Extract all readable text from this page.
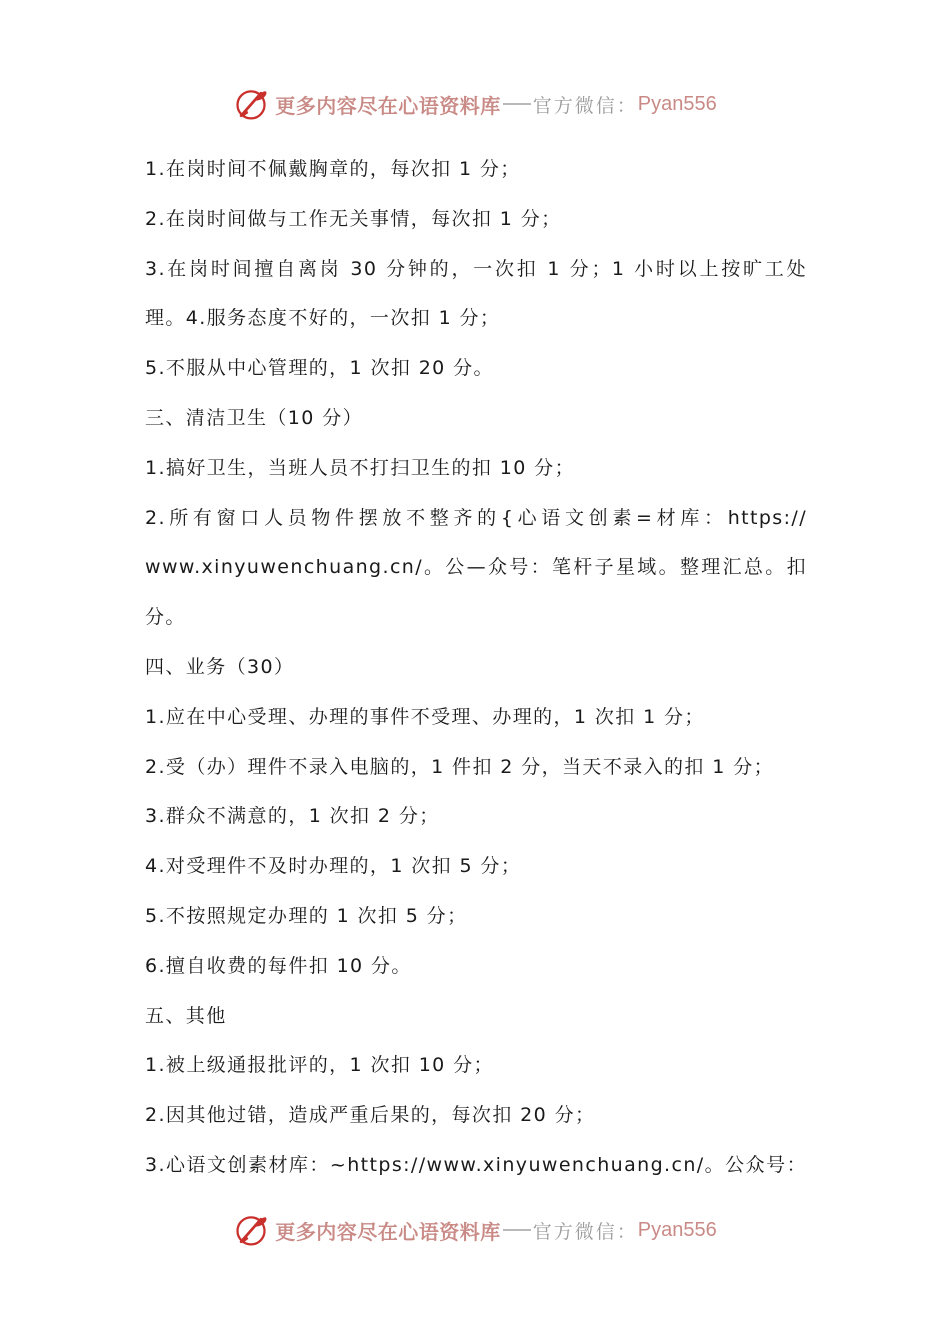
更多内容尽在心语资料库 官方微信： Pyan556
1.在岗时间不佩戴胸章的，每次扣 1 分；
2.在岗时间做与工作无关事情，每次扣 1 分；
3.在岗时间擅自离岗 30 分钟的，一次扣 1 分；1 小时以上按旷工处
理。4.服务态度不好的，一次扣 1 分；
5.不服从中心管理的，1 次扣 20 分。
三、清洁卫生（10 分）
1.搞好卫生，当班人员不打扫卫生的扣 10 分；
2.所有窗口人员物件摆放不整齐的{心语文创素=材库：https://
www.xinyuwenchuang.cn/。公—众号：笔杆子星域。整理汇总。扣
分。
四、业务（30）
1.应在中心受理、办理的事件不受理、办理的，1 次扣 1 分；
2.受（办）理件不录入电脑的，1 件扣 2 分，当天不录入的扣 1 分；
3.群众不满意的，1 次扣 2 分；
4.对受理件不及时办理的，1 次扣 5 分；
5.不按照规定办理的 1 次扣 5 分；
6.擅自收费的每件扣 10 分。
五、其他
1.被上级通报批评的，1 次扣 10 分；
2.因其他过错，造成严重后果的，每次扣 20 分；
3.心语文创素材库：~https://www.xinyuwenchuang.cn/。公众号：
更多内容尽在心语资料库 官方微信： Pyan556
